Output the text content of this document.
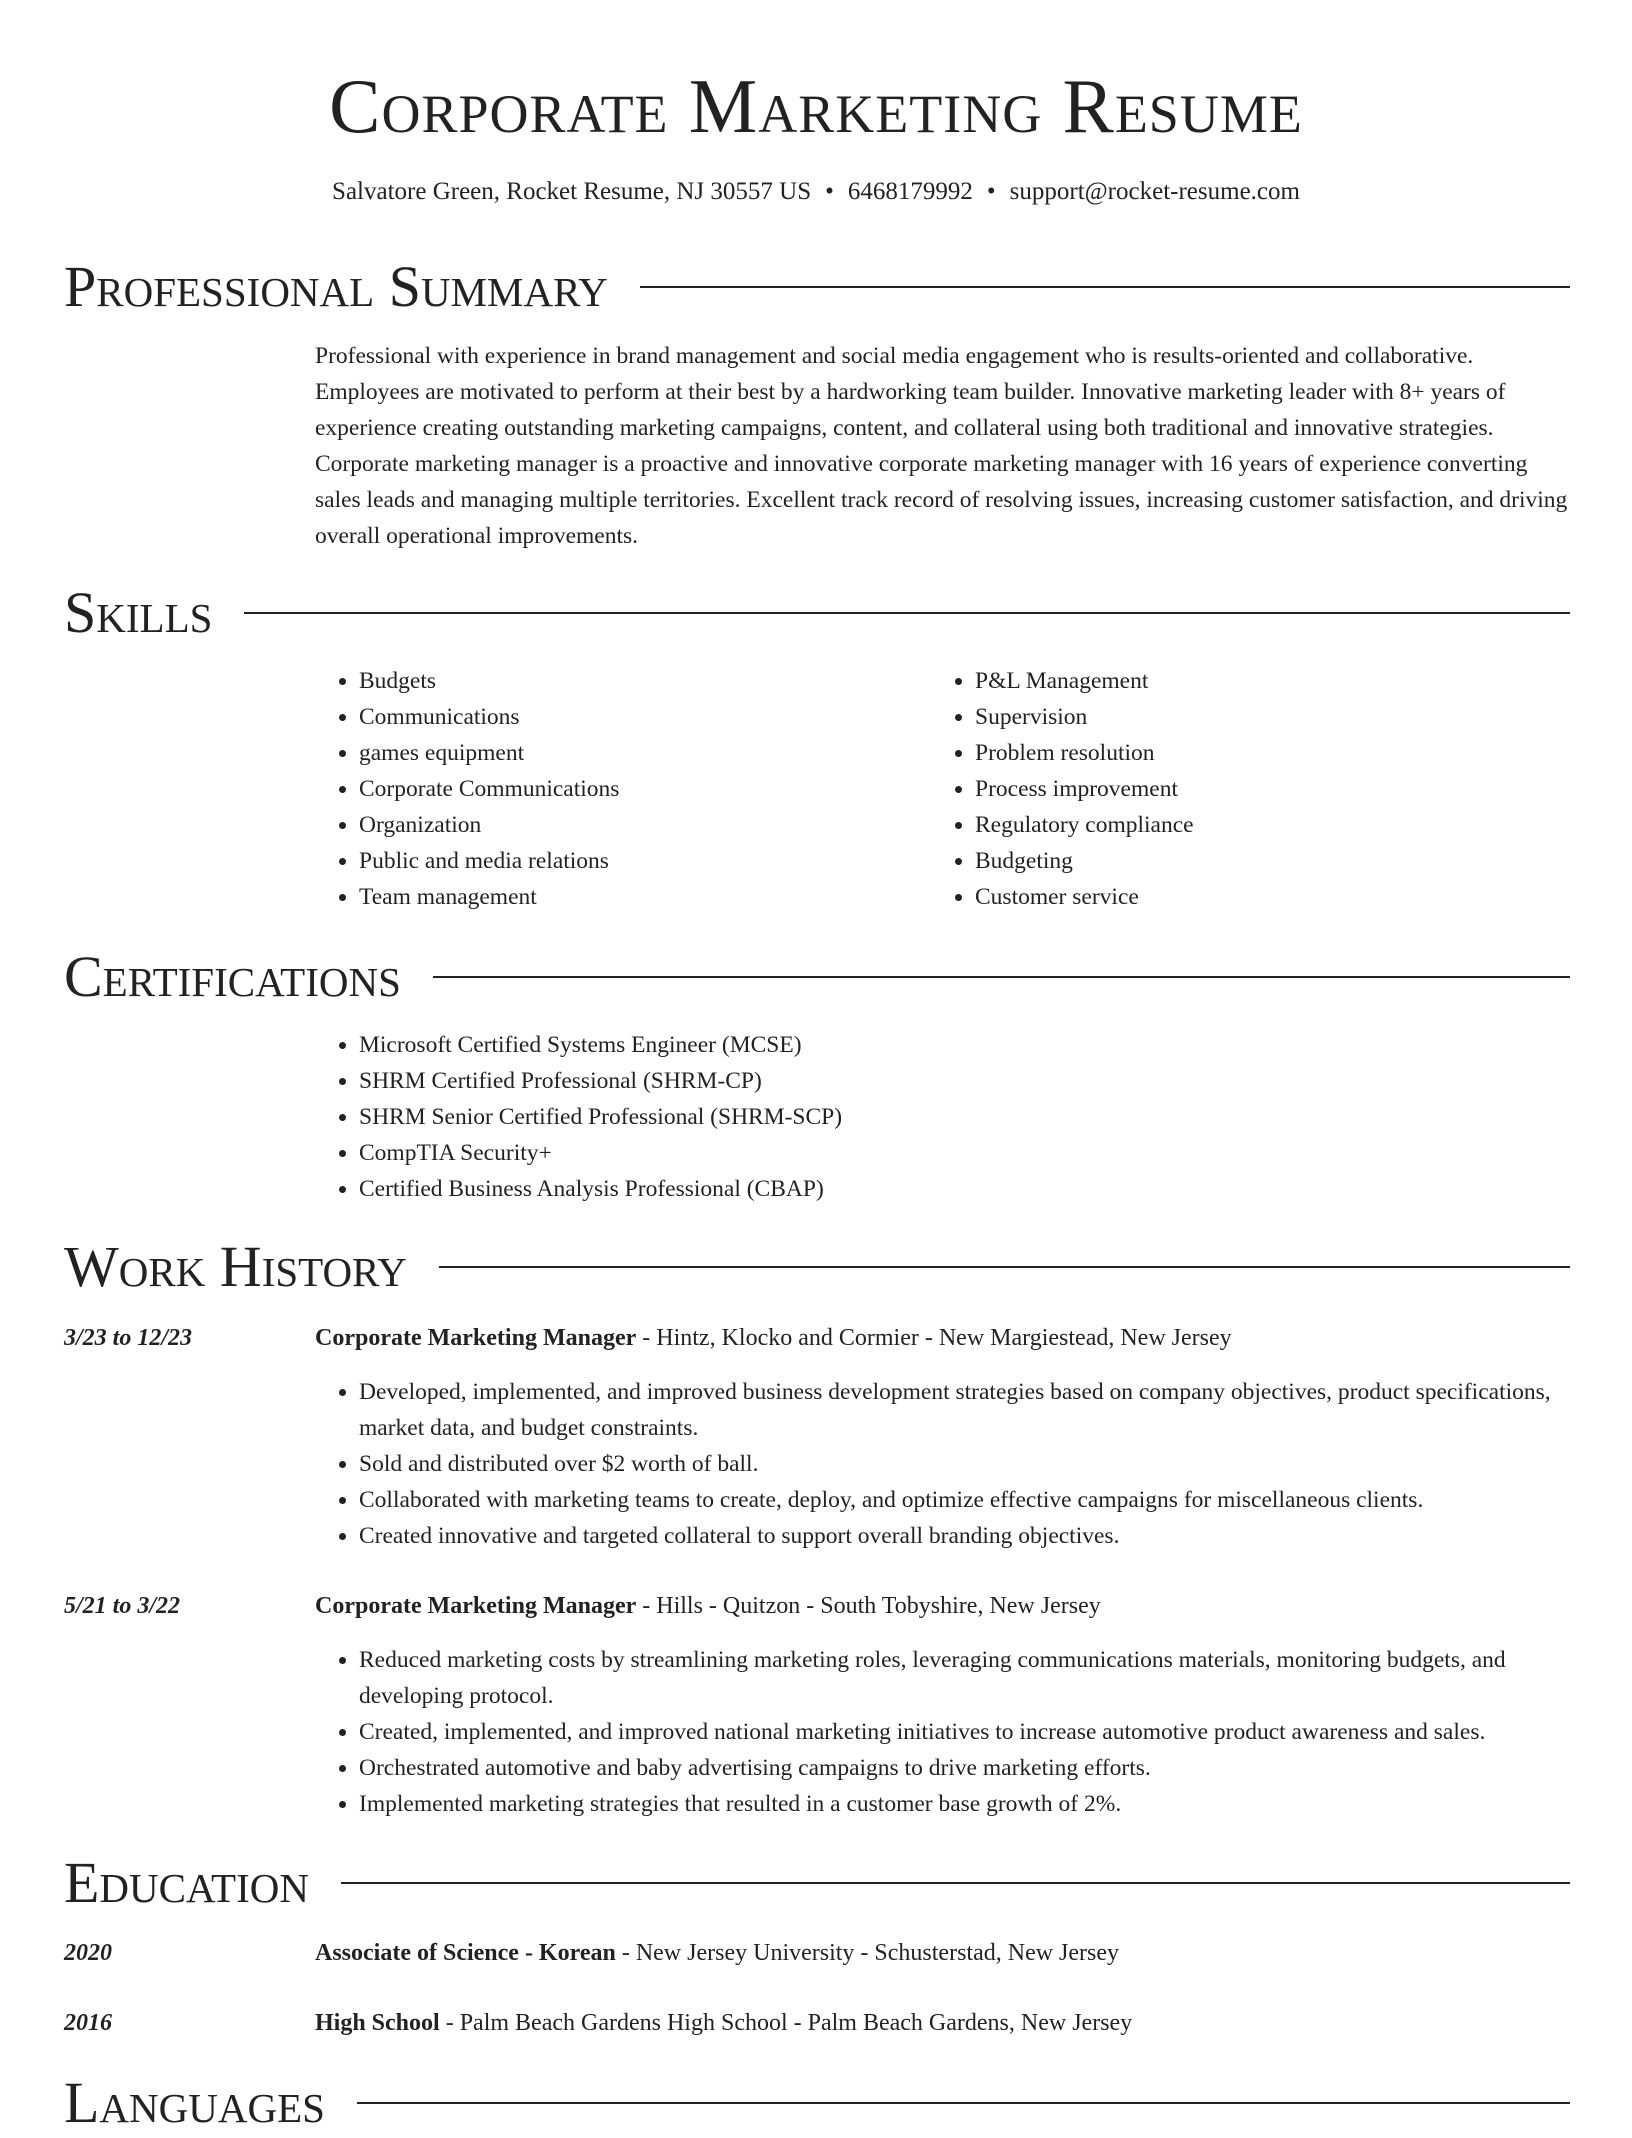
Corporate Marketing Resume
Salvatore Green, Rocket Resume, NJ 30557 US • 6468179992 • support@rocket-resume.com
Professional Summary

Professional with experience in brand management and social media engagement who is results-oriented and collaborative. Employees are motivated to perform at their best by a hardworking team builder. Innovative marketing leader with 8+ years of experience creating outstanding marketing campaigns, content, and collateral using both traditional and innovative strategies. Corporate marketing manager is a proactive and innovative corporate marketing manager with 16 years of experience converting sales leads and managing multiple territories. Excellent track record of resolving issues, increasing customer satisfaction, and driving overall operational improvements.

Skills
• Budgets
• Communications
• games equipment
• Corporate Communications
• Organization
• Public and media relations
• Team management
• P&L Management
• Supervision
• Problem resolution
• Process improvement
• Regulatory compliance
• Budgeting
• Customer service
Certifications
• Microsoft Certified Systems Engineer (MCSE)
• SHRM Certified Professional (SHRM-CP)
• SHRM Senior Certified Professional (SHRM-SCP)
• CompTIA Security+
• Certified Business Analysis Professional (CBAP)
Work History
3/23 to 12/23	Corporate Marketing Manager - Hintz, Klocko and Cormier - New Margiestead, New Jersey
• Developed, implemented, and improved business development strategies based on company objectives, product specifications, market data, and budget constraints.
• Sold and distributed over $2 worth of ball.
• Collaborated with marketing teams to create, deploy, and optimize effective campaigns for miscellaneous clients.
• Created innovative and targeted collateral to support overall branding objectives.
5/21 to 3/22	Corporate Marketing Manager - Hills - Quitzon - South Tobyshire, New Jersey
• Reduced marketing costs by streamlining marketing roles, leveraging communications materials, monitoring budgets, and developing protocol.
• Created, implemented, and improved national marketing initiatives to increase automotive product awareness and sales.
• Orchestrated automotive and baby advertising campaigns to drive marketing efforts.
• Implemented marketing strategies that resulted in a customer base growth of 2%.
Education
2020	Associate of Science - Korean - New Jersey University - Schusterstad, New Jersey
2016	High School - Palm Beach Gardens High School - Palm Beach Gardens, New Jersey
Languages
